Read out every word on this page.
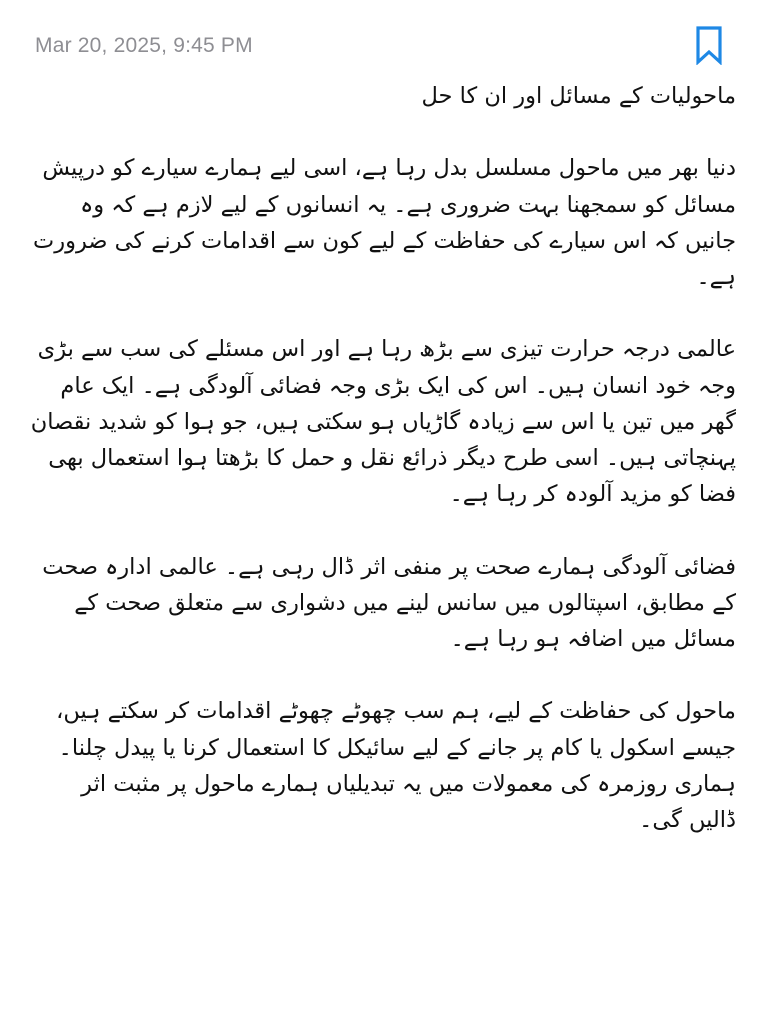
Mar 20, 2025, 9:45 PM
ماحولیات کے مسائل اور ان کا حل

دنیا بھر میں ماحول مسلسل بدل رہا ہے، اسی لیے ہمارے سیارے کو درپیش مسائل کو سمجھنا بہت ضروری ہے۔ یہ انسانوں کے لیے لازم ہے کہ وہ جانیں کہ اس سیارے کی حفاظت کے لیے کون سے اقدامات کرنے کی ضرورت ہے۔

عالمی درجہ حرارت تیزی سے بڑھ رہا ہے اور اس مسئلے کی سب سے بڑی وجہ خود انسان ہیں۔ اس کی ایک بڑی وجہ فضائی آلودگی ہے۔ ایک عام گھر میں تین یا اس سے زیادہ گاڑیاں ہو سکتی ہیں، جو ہوا کو شدید نقصان پہنچاتی ہیں۔ اسی طرح دیگر ذرائع نقل و حمل کا بڑھتا ہوا استعمال بھی فضا کو مزید آلودہ کر رہا ہے۔

فضائی آلودگی ہمارے صحت پر منفی اثر ڈال رہی ہے۔ عالمی ادارہ صحت کے مطابق، اسپتالوں میں سانس لینے میں دشواری سے متعلق صحت کے مسائل میں اضافہ ہو رہا ہے۔

ماحول کی حفاظت کے لیے، ہم سب چھوٹے چھوٹے اقدامات کر سکتے ہیں، جیسے اسکول یا کام پر جانے کے لیے سائیکل کا استعمال کرنا یا پیدل چلنا۔ ہماری روزمرہ کی معمولات میں یہ تبدیلیاں ہمارے ماحول پر مثبت اثر ڈالیں گی۔
